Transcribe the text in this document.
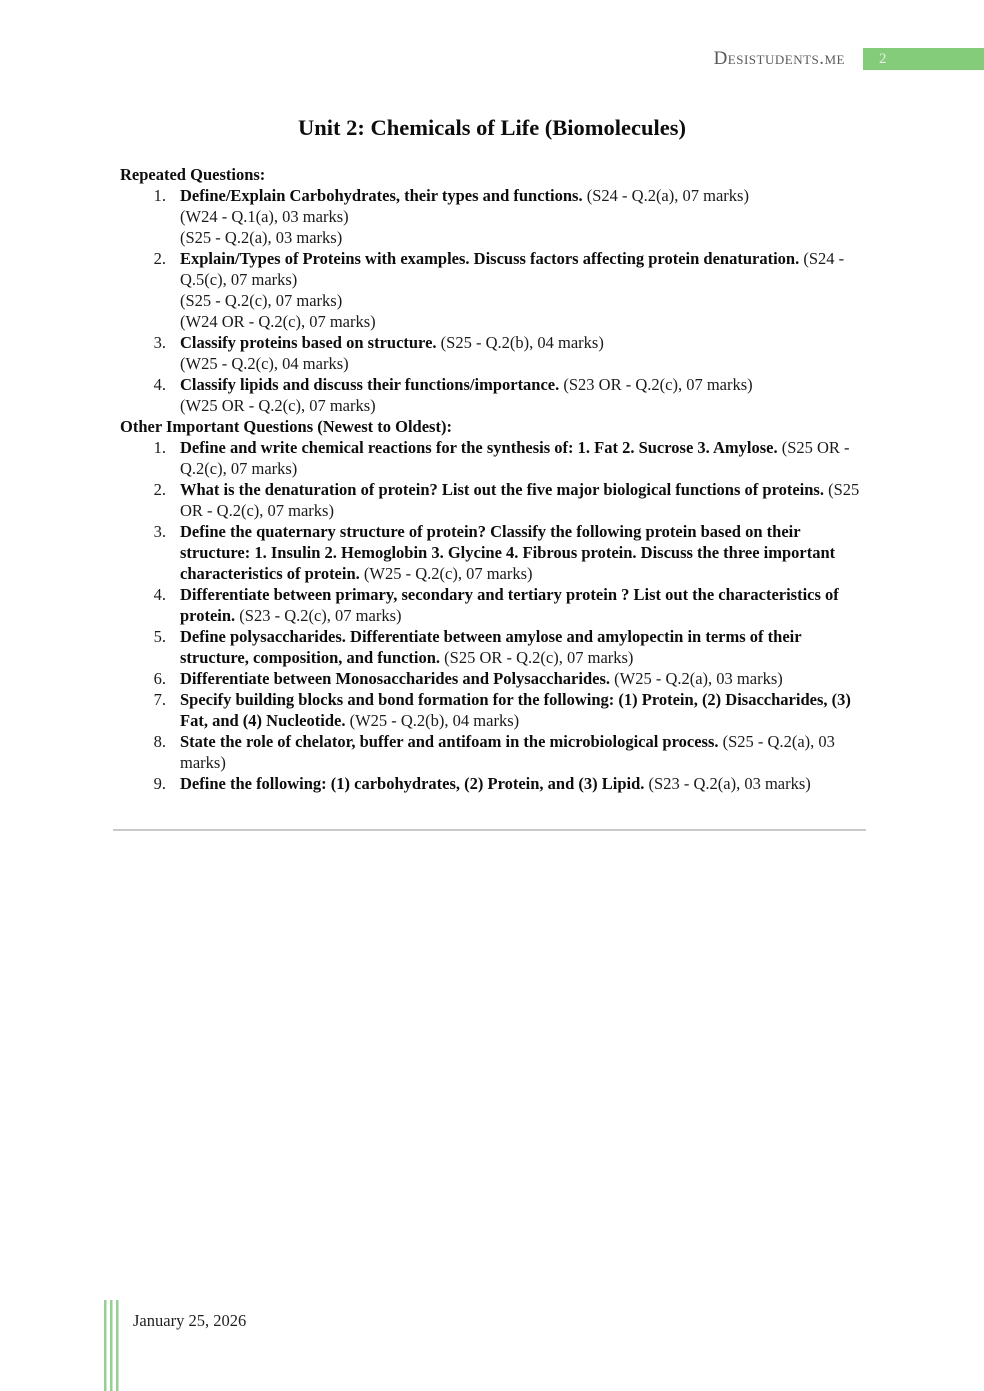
Desistudents.me	2
Unit 2: Chemicals of Life (Biomolecules)
Repeated Questions:
1. Define/Explain Carbohydrates, their types and functions. (S24 - Q.2(a), 07 marks)
(W24 - Q.1(a), 03 marks)
(S25 - Q.2(a), 03 marks)
2. Explain/Types of Proteins with examples. Discuss factors affecting protein denaturation. (S24 - Q.5(c), 07 marks)
(S25 - Q.2(c), 07 marks)
(W24 OR - Q.2(c), 07 marks)
3. Classify proteins based on structure. (S25 - Q.2(b), 04 marks)
(W25 - Q.2(c), 04 marks)
4. Classify lipids and discuss their functions/importance. (S23 OR - Q.2(c), 07 marks)
(W25 OR - Q.2(c), 07 marks)
Other Important Questions (Newest to Oldest):
1. Define and write chemical reactions for the synthesis of: 1. Fat 2. Sucrose 3. Amylose. (S25 OR - Q.2(c), 07 marks)
2. What is the denaturation of protein? List out the five major biological functions of proteins. (S25 OR - Q.2(c), 07 marks)
3. Define the quaternary structure of protein? Classify the following protein based on their structure: 1. Insulin 2. Hemoglobin 3. Glycine 4. Fibrous protein. Discuss the three important characteristics of protein. (W25 - Q.2(c), 07 marks)
4. Differentiate between primary, secondary and tertiary protein ? List out the characteristics of protein. (S23 - Q.2(c), 07 marks)
5. Define polysaccharides. Differentiate between amylose and amylopectin in terms of their structure, composition, and function. (S25 OR - Q.2(c), 07 marks)
6. Differentiate between Monosaccharides and Polysaccharides. (W25 - Q.2(a), 03 marks)
7. Specify building blocks and bond formation for the following: (1) Protein, (2) Disaccharides, (3) Fat, and (4) Nucleotide. (W25 - Q.2(b), 04 marks)
8. State the role of chelator, buffer and antifoam in the microbiological process. (S25 - Q.2(a), 03 marks)
9. Define the following: (1) carbohydrates, (2) Protein, and (3) Lipid. (S23 - Q.2(a), 03 marks)
January 25, 2026
